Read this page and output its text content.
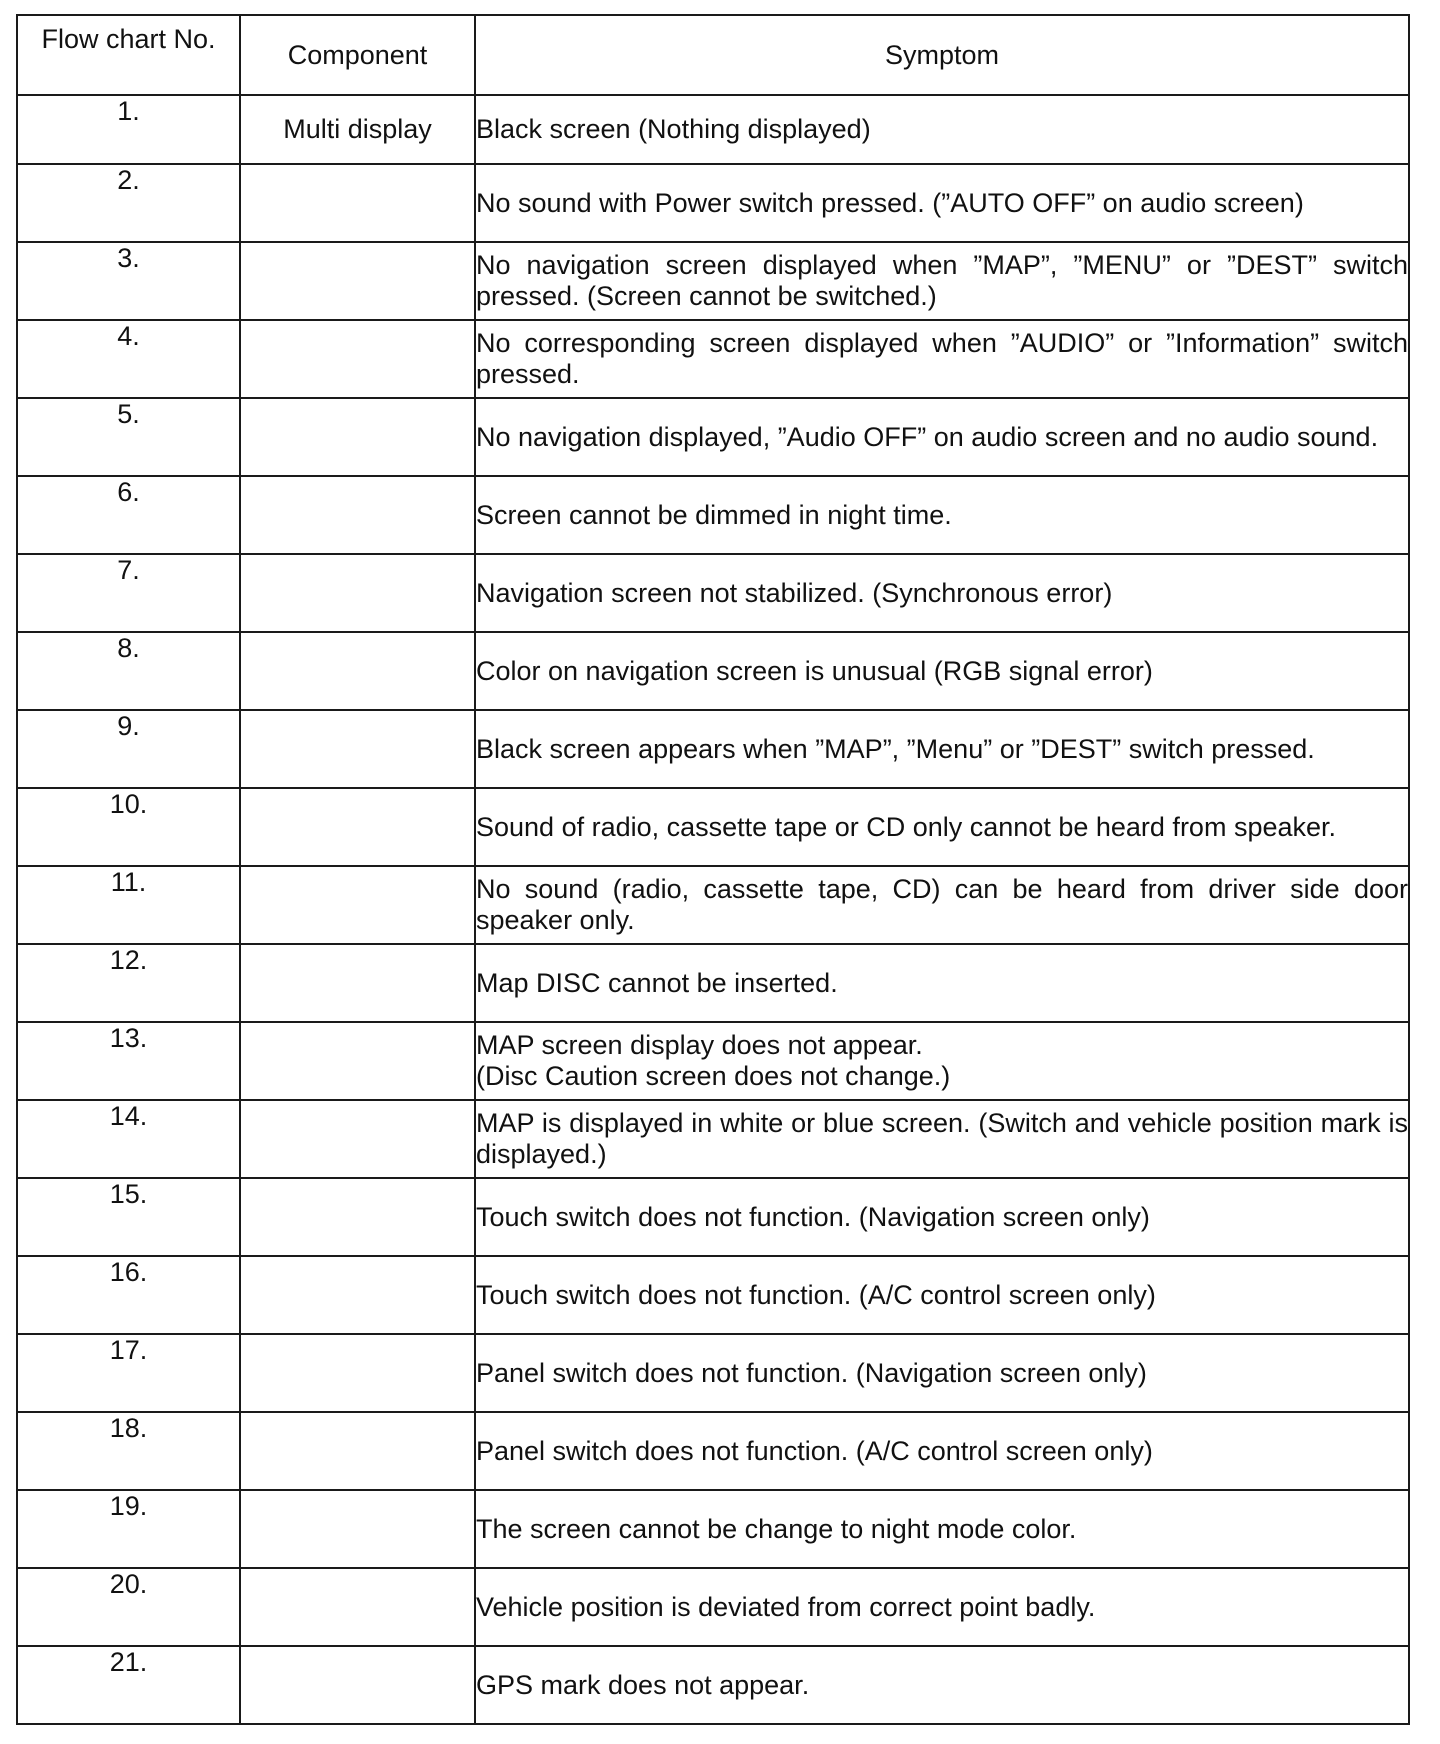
Flow chart No.	Component	Symptom
1.	Multi display	Black screen (Nothing displayed)
2.		No sound with Power switch pressed. (”AUTO OFF” on audio screen)
3.		No navigation screen displayed when ”MAP”, ”MENU” or ”DEST” switch pressed. (Screen cannot be switched.)
4.		No corresponding screen displayed when ”AUDIO” or ”Information” switch pressed.
5.		No navigation displayed, ”Audio OFF” on audio screen and no audio sound.
6.		Screen cannot be dimmed in night time.
7.		Navigation screen not stabilized. (Synchronous error)
8.		Color on navigation screen is unusual (RGB signal error)
9.		Black screen appears when ”MAP”, ”Menu” or ”DEST” switch pressed.
10.		Sound of radio, cassette tape or CD only cannot be heard from speaker.
11.		No sound (radio, cassette tape, CD) can be heard from driver side door speaker only.
12.		Map DISC cannot be inserted.
13.		MAP screen display does not appear.
(Disc Caution screen does not change.)
14.		MAP is displayed in white or blue screen. (Switch and vehicle position mark is displayed.)
15.		Touch switch does not function. (Navigation screen only)
16.		Touch switch does not function. (A/C control screen only)
17.		Panel switch does not function. (Navigation screen only)
18.		Panel switch does not function. (A/C control screen only)
19.		The screen cannot be change to night mode color.
20.		Vehicle position is deviated from correct point badly.
21.		GPS mark does not appear.
